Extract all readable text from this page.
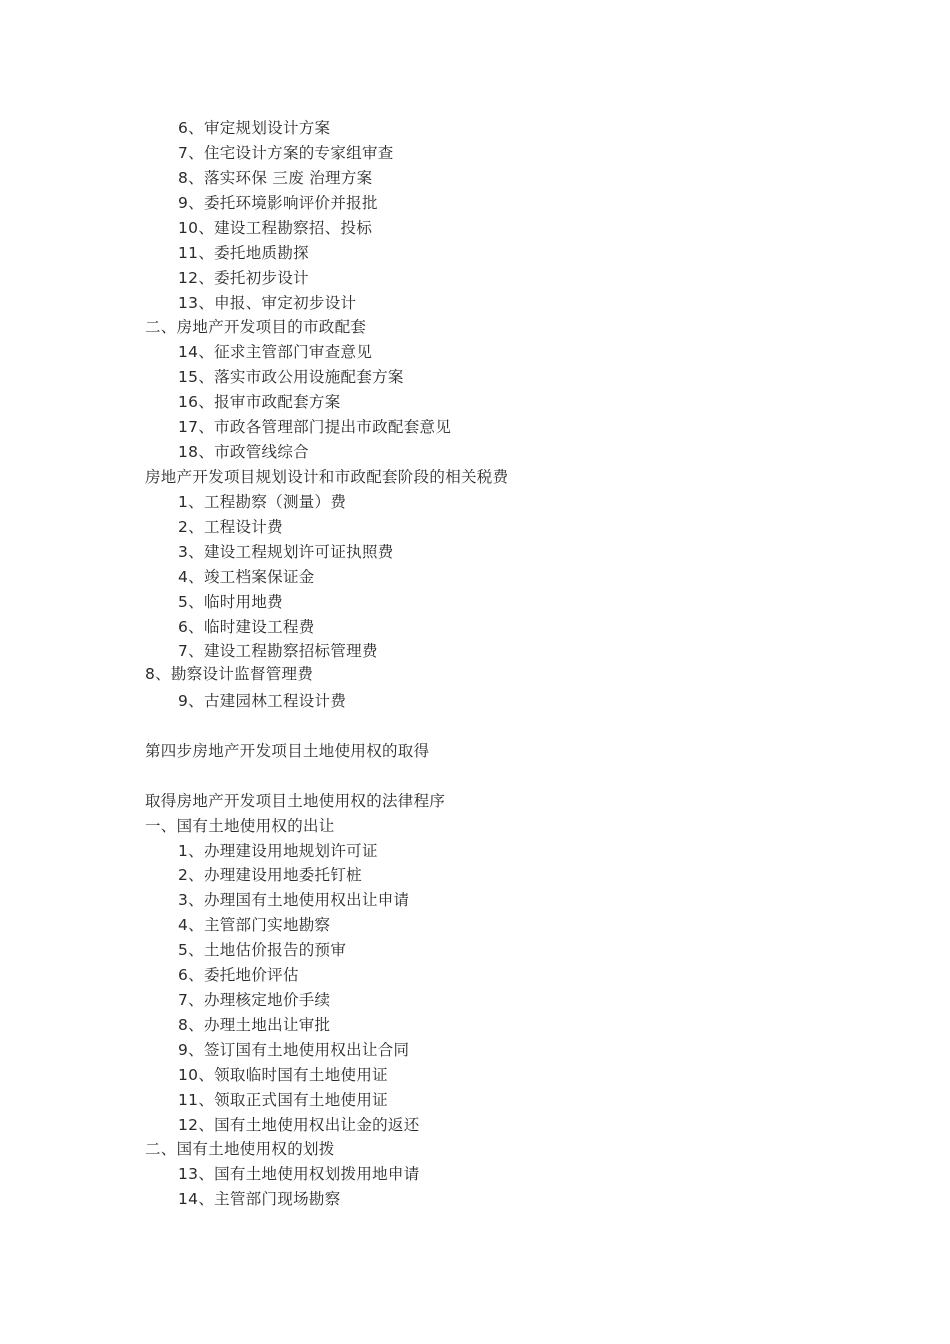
6、审定规划设计方案
7、住宅设计方案的专家组审查
8、落实环保 三废 治理方案
9、委托环境影响评价并报批
10、建设工程勘察招、投标
11、委托地质勘探
12、委托初步设计
13、申报、审定初步设计
二、房地产开发项目的市政配套
14、征求主管部门审查意见
15、落实市政公用设施配套方案
16、报审市政配套方案
17、市政各管理部门提出市政配套意见
18、市政管线综合
房地产开发项目规划设计和市政配套阶段的相关税费
1、工程勘察（测量）费
2、工程设计费
3、建设工程规划许可证执照费
4、竣工档案保证金
5、临时用地费
6、临时建设工程费
7、建设工程勘察招标管理费
8、勘察设计监督管理费
9、古建园林工程设计费
第四步房地产开发项目土地使用权的取得
取得房地产开发项目土地使用权的法律程序
一、国有土地使用权的出让
1、办理建设用地规划许可证
2、办理建设用地委托钉桩
3、办理国有土地使用权出让申请
4、主管部门实地勘察
5、土地估价报告的预审
6、委托地价评估
7、办理核定地价手续
8、办理土地出让审批
9、签订国有土地使用权出让合同
10、领取临时国有土地使用证
11、领取正式国有土地使用证
12、国有土地使用权出让金的返还
二、国有土地使用权的划拨
13、国有土地使用权划拨用地申请
14、主管部门现场勘察
